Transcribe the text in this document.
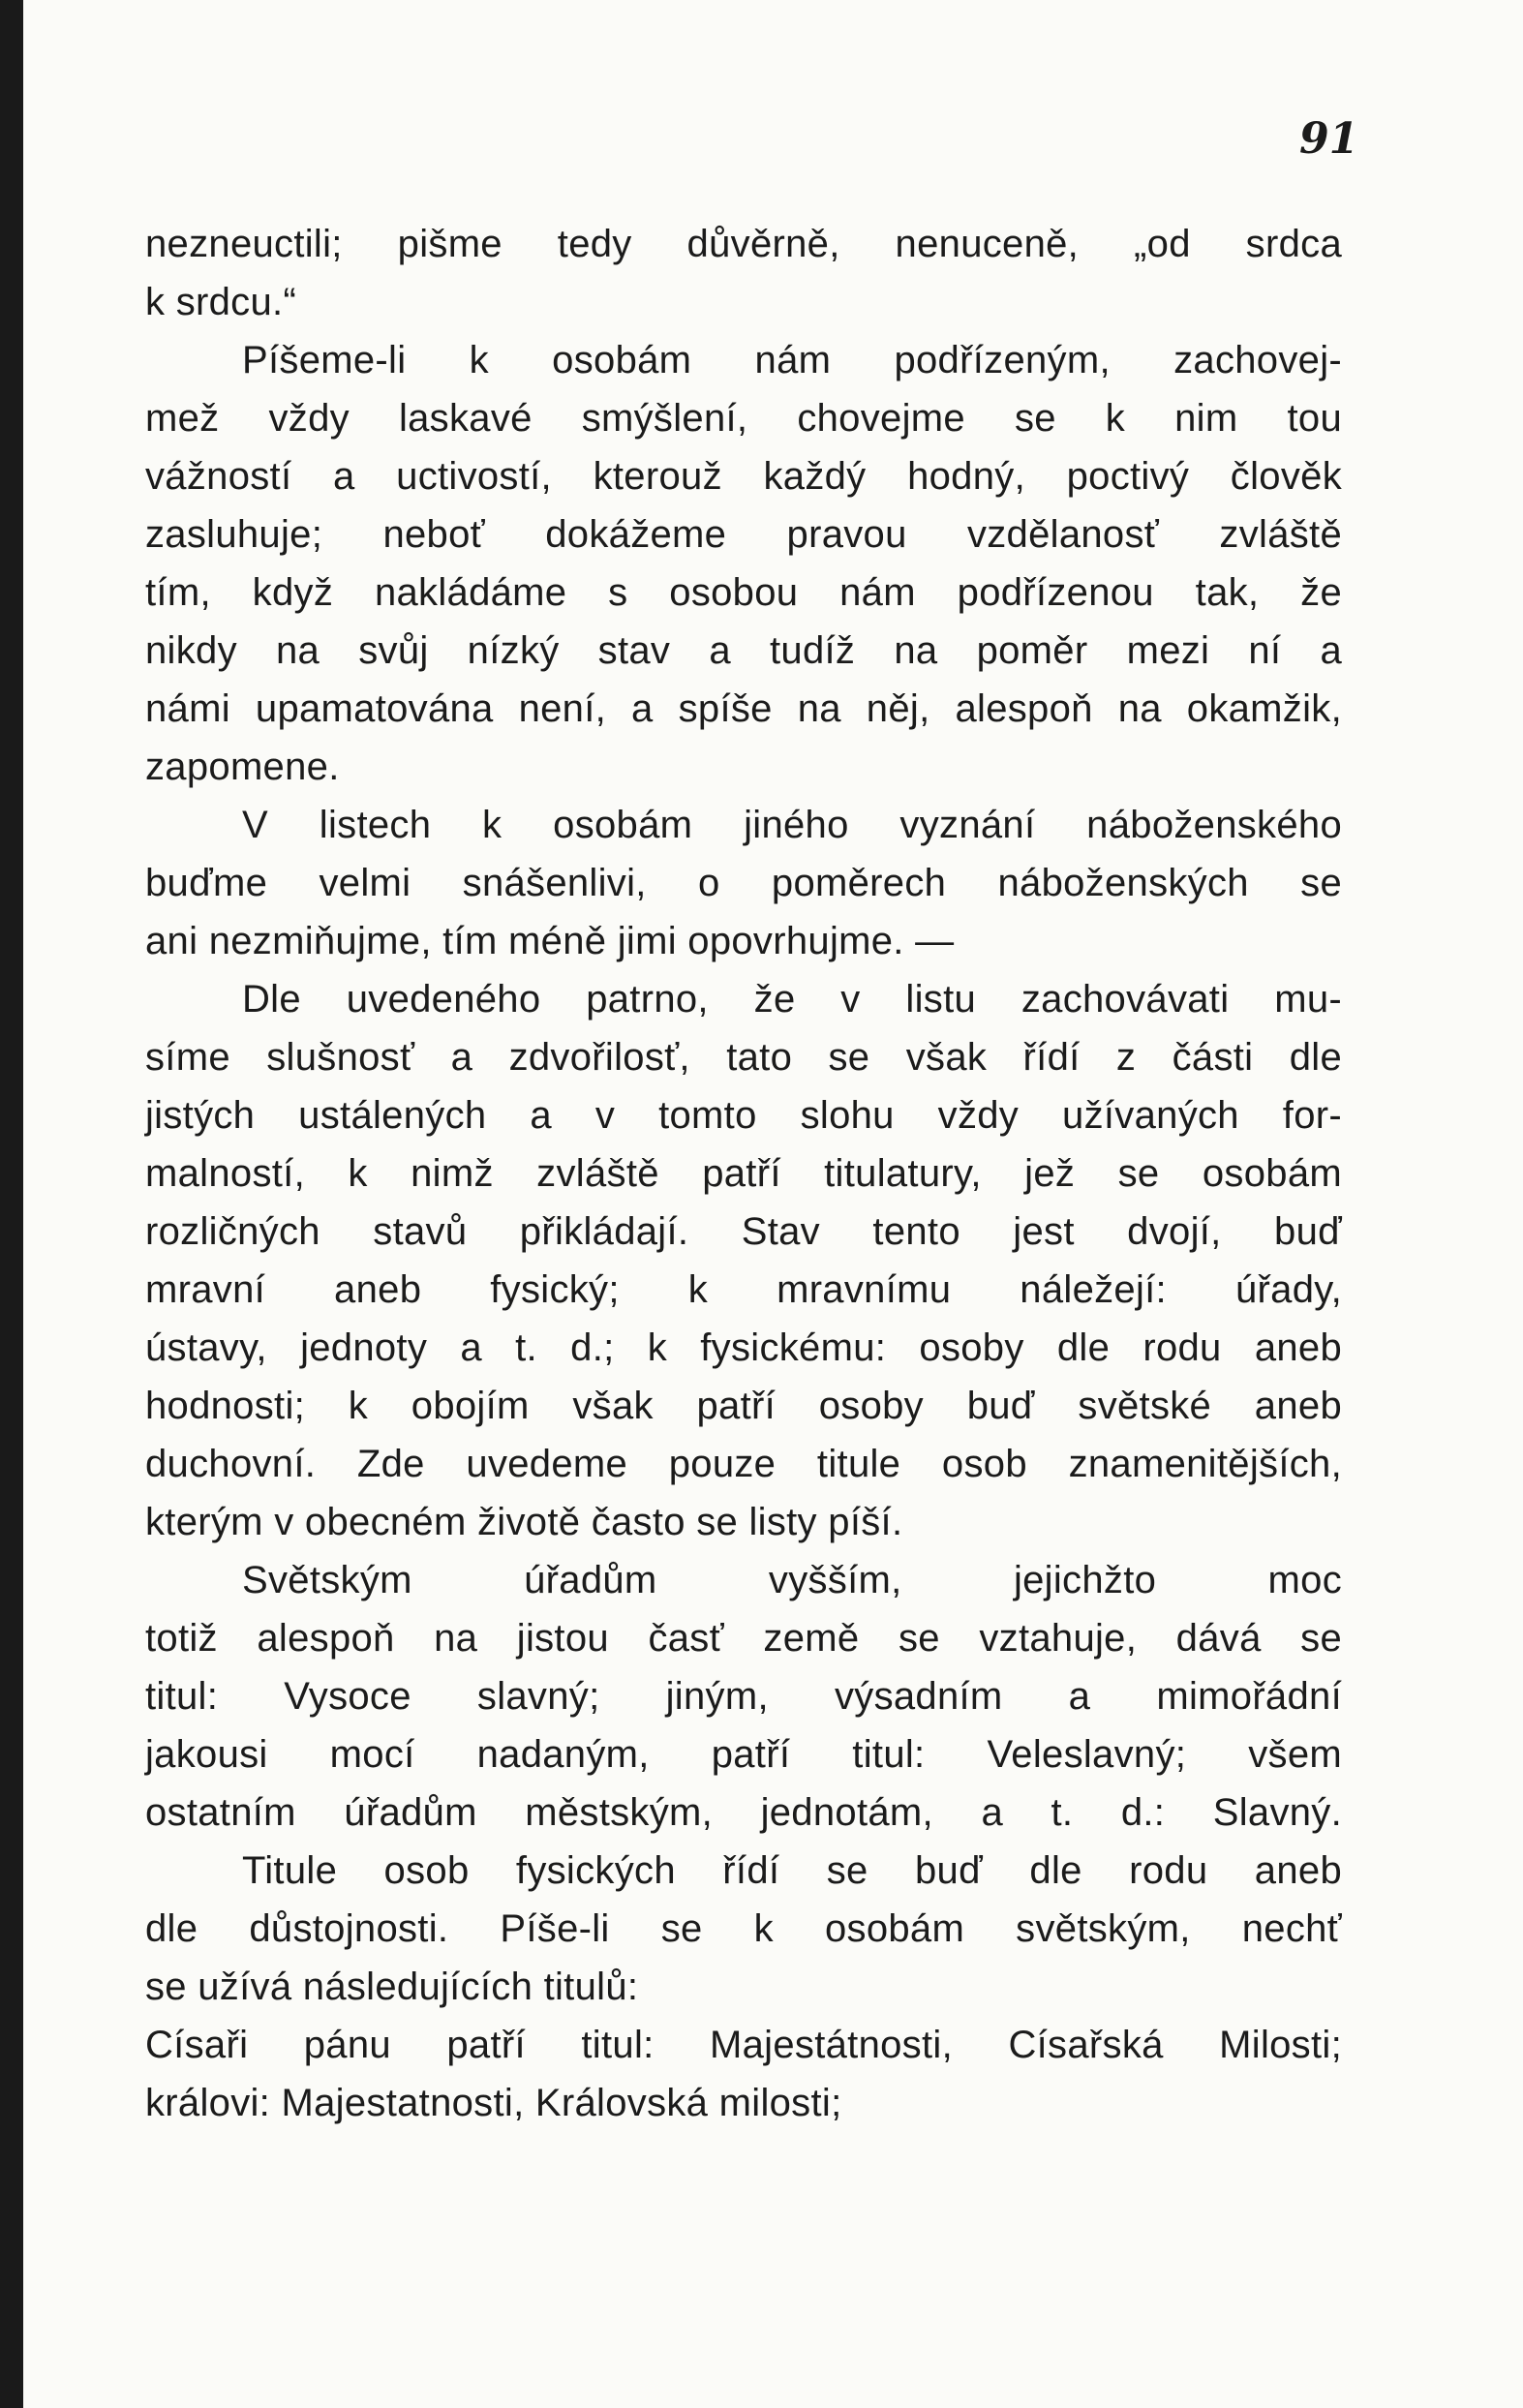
91
nezneuctili; pišme tedy důvěrně, nenuceně, „od srdca
k srdcu.“
Píšeme-li k osobám nám podřízeným, zachovej-
mež vždy laskavé smýšlení, chovejme se k nim tou
vážností a uctivostí, kterouž každý hodný, poctivý člověk
zasluhuje; neboť dokážeme pravou vzdělanosť zvláště
tím, když nakládáme s osobou nám podřízenou tak, že
nikdy na svůj nízký stav a tudíž na poměr mezi ní a
námi upamatována není, a spíše na něj, alespoň na okamžik,
zapomene.
V listech k osobám jiného vyznání náboženského
buďme velmi snášenlivi, o poměrech náboženských se
ani nezmiňujme, tím méně jimi opovrhujme. —
Dle uvedeného patrno, že v listu zachovávati mu-
síme slušnosť a zdvořilosť, tato se však řídí z části dle
jistých ustálených a v tomto slohu vždy užívaných for-
malností, k nimž zvláště patří titulatury, jež se osobám
rozličných stavů přikládají. Stav tento jest dvojí, buď
mravní aneb fysický; k mravnímu náležejí: úřady,
ústavy, jednoty a t. d.; k fysickému: osoby dle rodu aneb
hodnosti; k obojím však patří osoby buď světské aneb
duchovní. Zde uvedeme pouze titule osob znamenitějších,
kterým v obecném životě často se listy píší.
Světským úřadům vyšším, jejichžto moc
totiž alespoň na jistou časť země se vztahuje, dává se
titul: Vysoce slavný; jiným, výsadním a mimořádní
jakousi mocí nadaným, patří titul: Veleslavný; všem
ostatním úřadům městským, jednotám, a t. d.: Slavný.
Titule osob fysických řídí se buď dle rodu aneb
dle důstojnosti. Píše-li se k osobám světským, nechť
se užívá následujících titulů:
Císaři pánu patří titul: Majestátnosti, Císařská Milosti;
královi: Majestatnosti, Královská milosti;
